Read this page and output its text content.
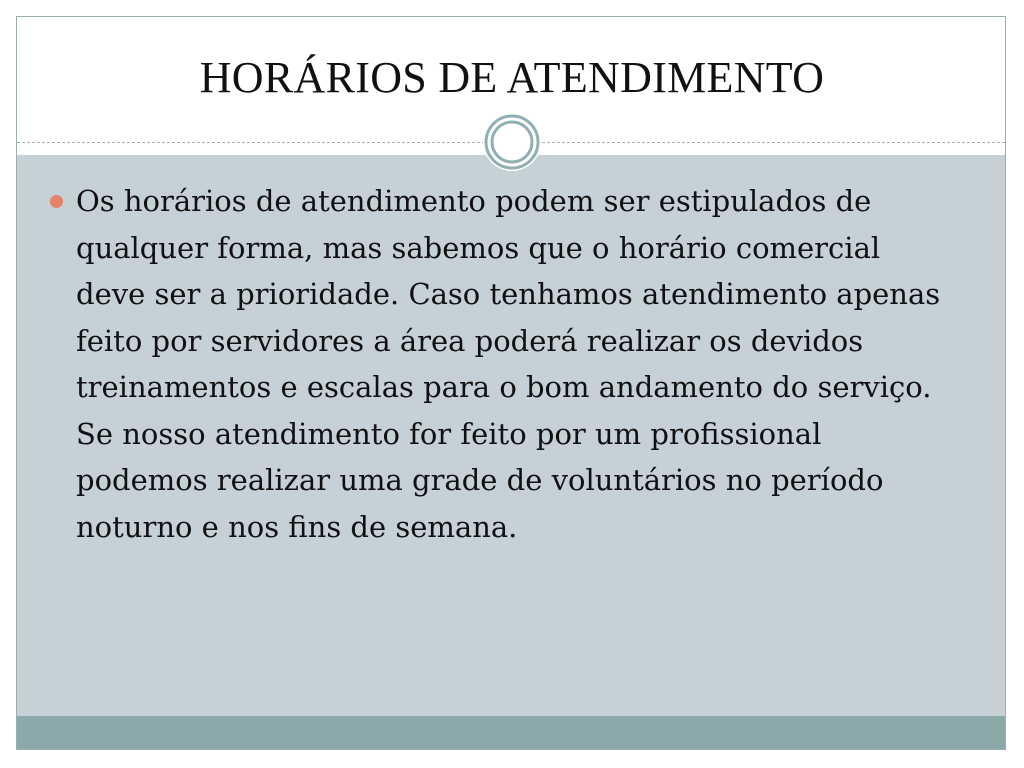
HORÁRIOS DE ATENDIMENTO
Os horários de atendimento podem ser estipulados de qualquer forma, mas sabemos que o horário comercial deve ser a prioridade. Caso tenhamos atendimento apenas feito por servidores a área poderá realizar os devidos treinamentos e escalas para o bom andamento do serviço. Se nosso atendimento for feito por um profissional podemos realizar uma grade de voluntários no período noturno e nos fins de semana.
